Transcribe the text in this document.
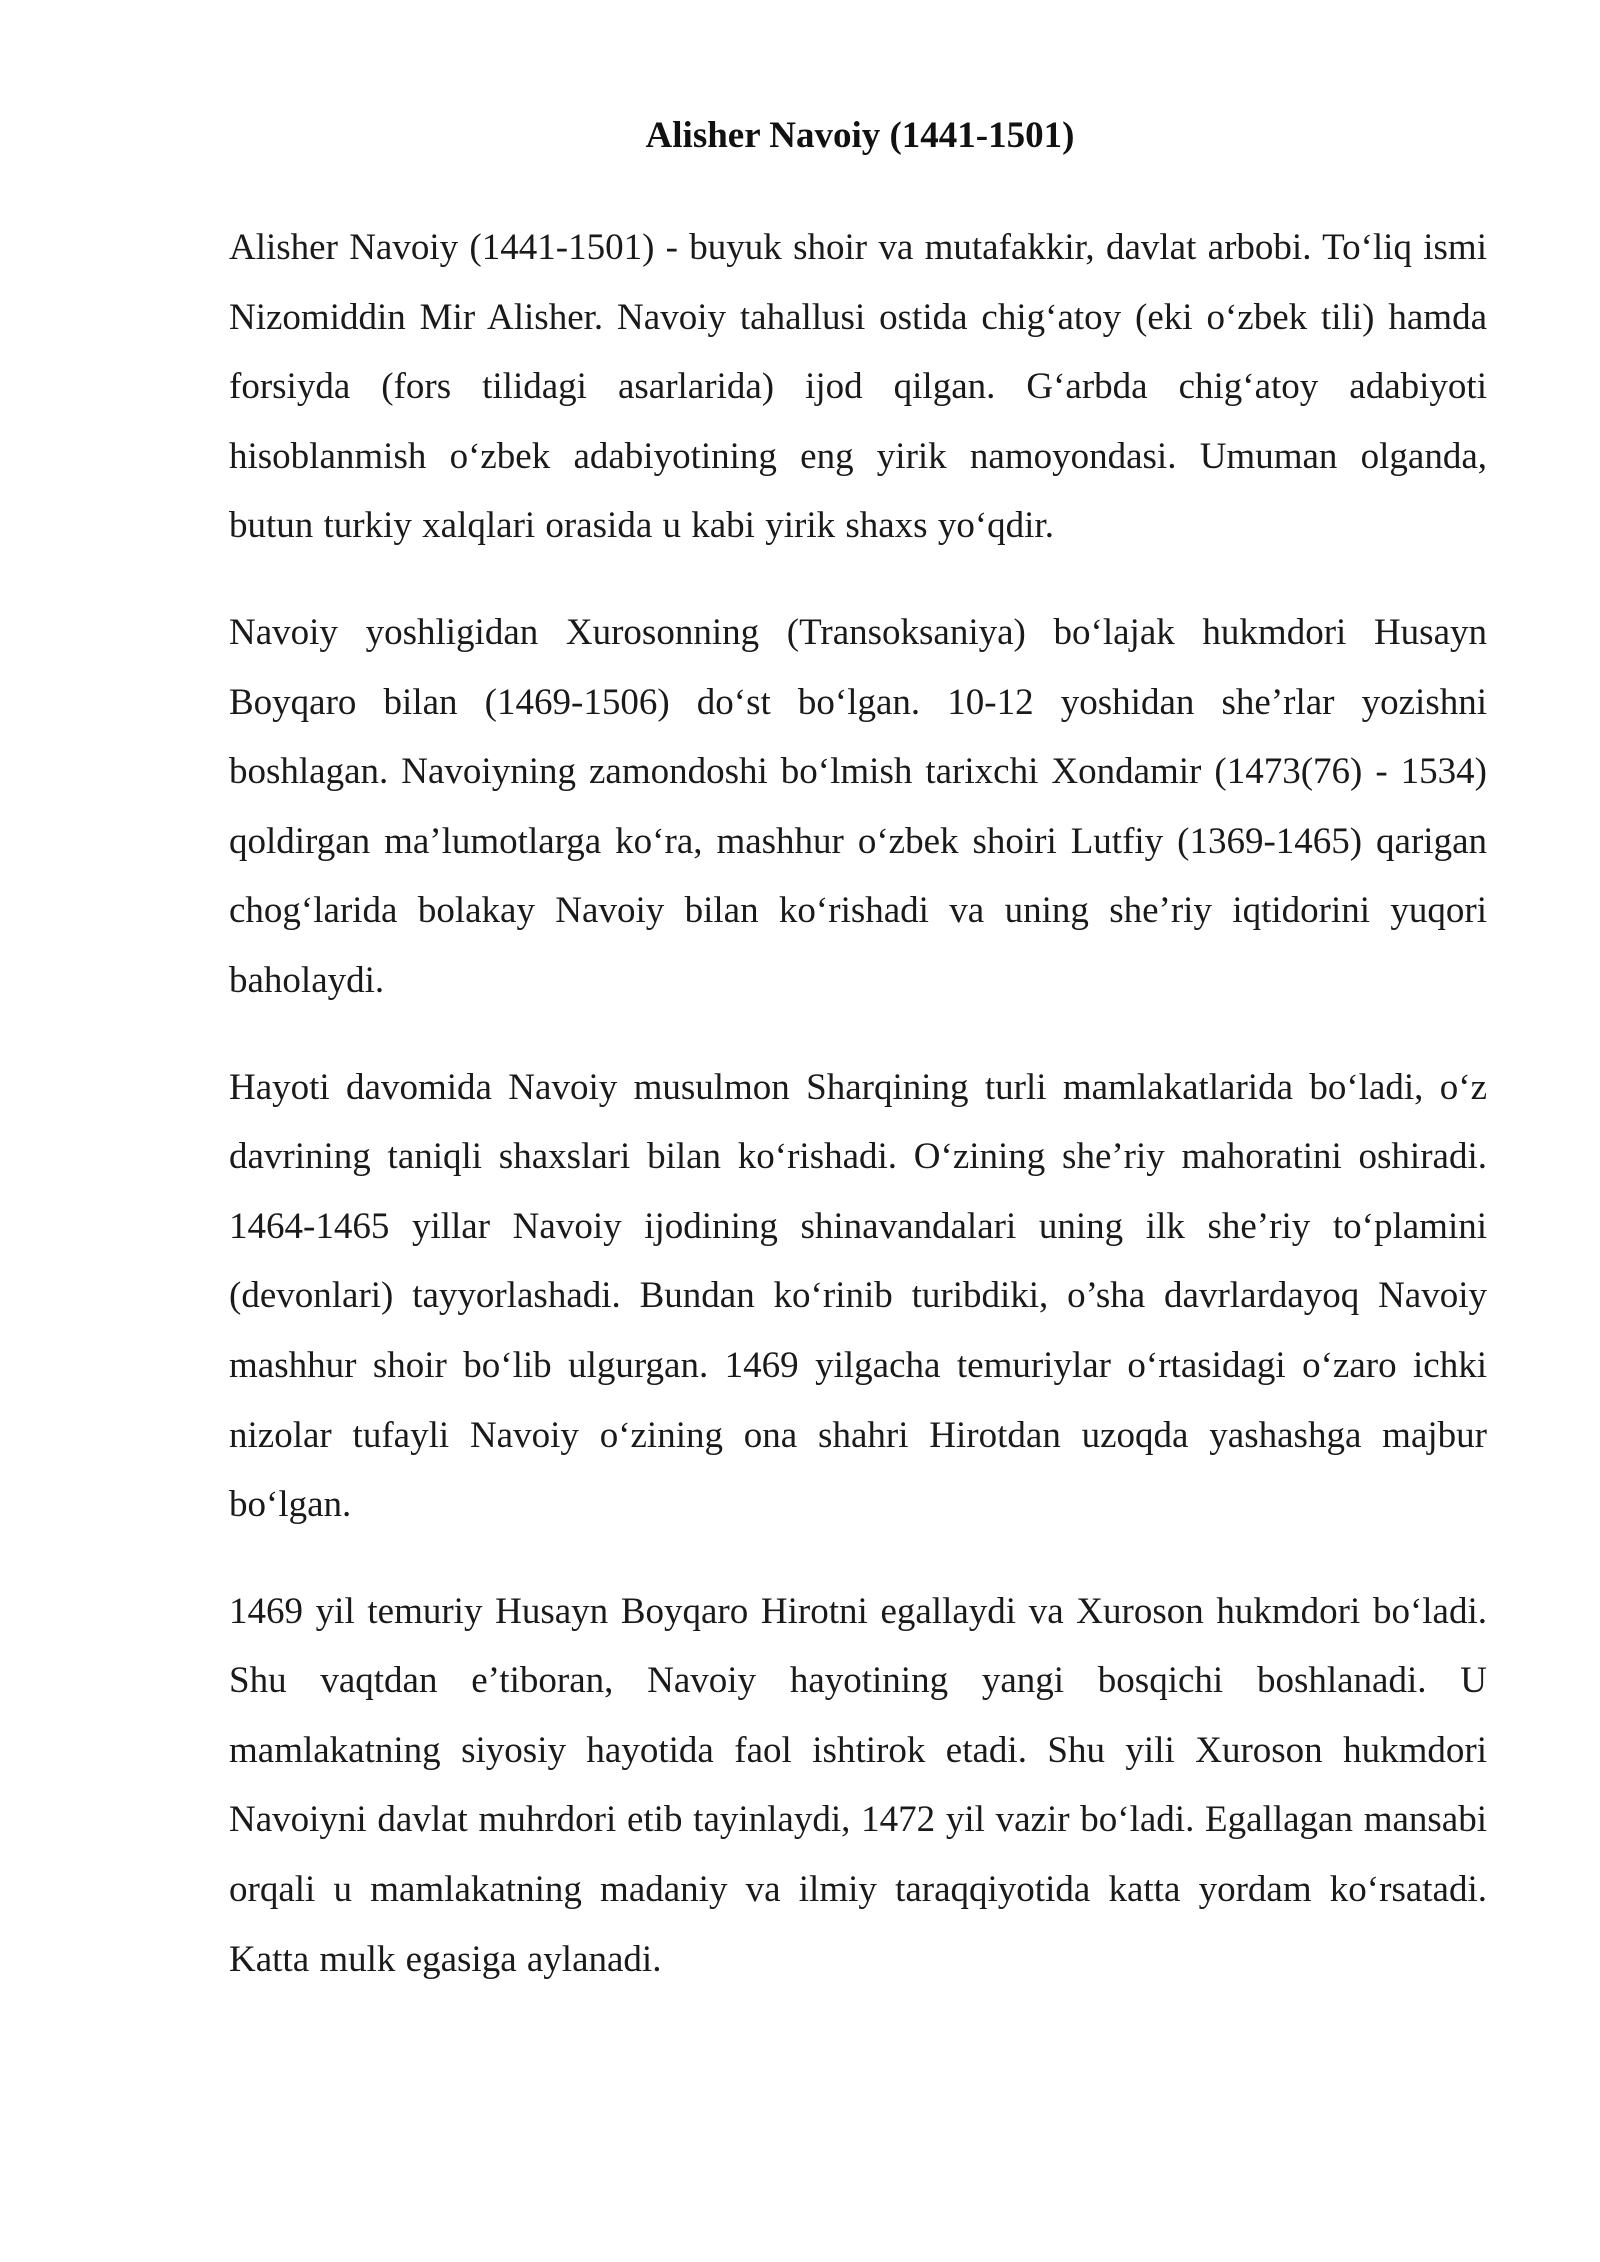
Alisher Navoiy (1441-1501)

Alisher Navoiy (1441-1501) - buyuk shoir va mutafakkir, davlat arbobi. To‘liq ismi Nizomiddin Mir Alisher. Navoiy tahallusi ostida chig‘atoy (eki o‘zbek tili) hamda forsiyda (fors tilidagi asarlarida) ijod qilgan. G‘arbda chig‘atoy adabiyoti hisoblanmish o‘zbek adabiyotining eng yirik namoyondasi. Umuman olganda, butun turkiy xalqlari orasida u kabi yirik shaxs yo‘qdir.

Navoiy yoshligidan Xurosonning (Transoksaniya) bo‘lajak hukmdori Husayn Boyqaro bilan (1469-1506) do‘st bo‘lgan. 10-12 yoshidan she’rlar yozishni boshlagan. Navoiyning zamondoshi bo‘lmish tarixchi Xondamir (1473(76) - 1534) qoldirgan ma’lumotlarga ko‘ra, mashhur o‘zbek shoiri Lutfiy (1369-1465) qarigan chog‘larida bolakay Navoiy bilan ko‘rishadi va uning she’riy iqtidorini yuqori baholaydi.

Hayoti davomida Navoiy musulmon Sharqining turli mamlakatlarida bo‘ladi, o‘z davrining taniqli shaxslari bilan ko‘rishadi. O‘zining she’riy mahoratini oshiradi. 1464-1465 yillar Navoiy ijodining shinavandalari uning ilk she’riy to‘plamini (devonlari) tayyorlashadi. Bundan ko‘rinib turibdiki, o’sha davrlardayoq Navoiy mashhur shoir bo‘lib ulgurgan. 1469 yilgacha temuriylar o‘rtasidagi o‘zaro ichki nizolar tufayli Navoiy o‘zining ona shahri Hirotdan uzoqda yashashga majbur bo‘lgan.

1469 yil temuriy Husayn Boyqaro Hirotni egallaydi va Xuroson hukmdori bo‘ladi. Shu vaqtdan e’tiboran, Navoiy hayotining yangi bosqichi boshlanadi. U mamlakatning siyosiy hayotida faol ishtirok etadi. Shu yili Xuroson hukmdori Navoiyni davlat muhrdori etib tayinlaydi, 1472 yil vazir bo‘ladi. Egallagan mansabi orqali u mamlakatning madaniy va ilmiy taraqqiyotida katta yordam ko‘rsatadi. Katta mulk egasiga aylanadi.
